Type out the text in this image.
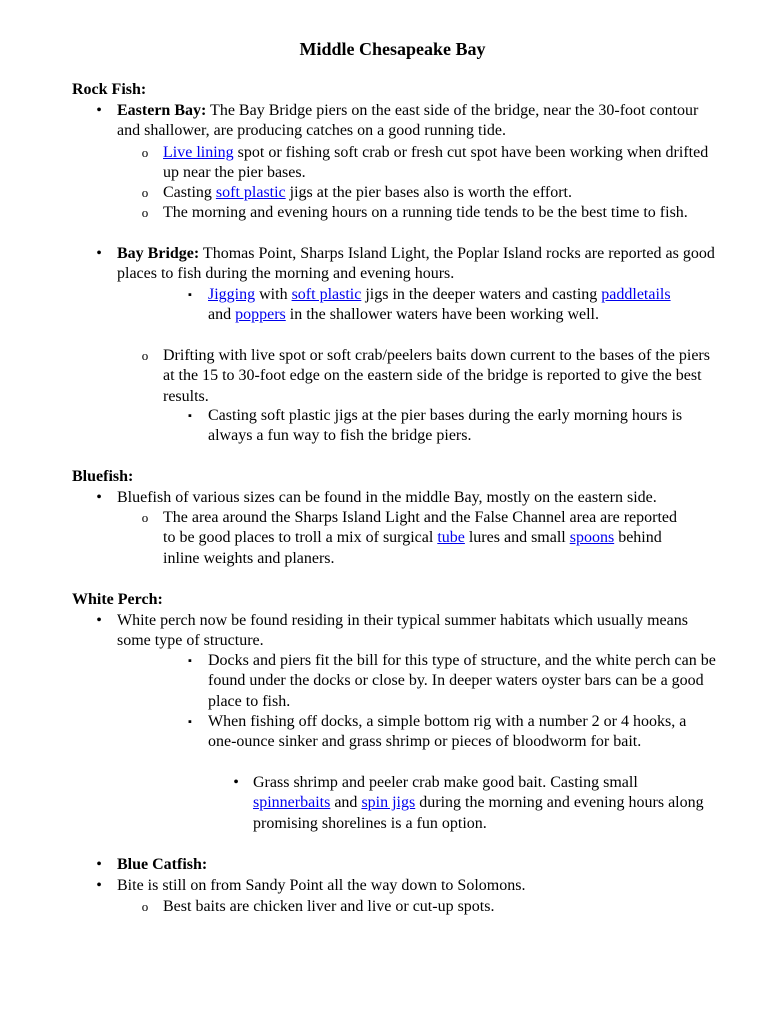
Middle Chesapeake Bay
Rock Fish:
• Eastern Bay: The Bay Bridge piers on the east side of the bridge, near the 30-foot contour and shallower, are producing catches on a good running tide.
o Live lining spot or fishing soft crab or fresh cut spot have been working when drifted up near the pier bases.
o Casting soft plastic jigs at the pier bases also is worth the effort.
o The morning and evening hours on a running tide tends to be the best time to fish.
• Bay Bridge: Thomas Point, Sharps Island Light, the Poplar Island rocks are reported as good places to fish during the morning and evening hours.
▪ Jigging with soft plastic jigs in the deeper waters and casting paddletails and poppers in the shallower waters have been working well.
o Drifting with live spot or soft crab/peelers baits down current to the bases of the piers at the 15 to 30-foot edge on the eastern side of the bridge is reported to give the best results.
▪ Casting soft plastic jigs at the pier bases during the early morning hours is always a fun way to fish the bridge piers.
Bluefish:
• Bluefish of various sizes can be found in the middle Bay, mostly on the eastern side.
o The area around the Sharps Island Light and the False Channel area are reported to be good places to troll a mix of surgical tube lures and small spoons behind inline weights and planers.
White Perch:
• White perch now be found residing in their typical summer habitats which usually means some type of structure.
▪ Docks and piers fit the bill for this type of structure, and the white perch can be found under the docks or close by. In deeper waters oyster bars can be a good place to fish.
▪ When fishing off docks, a simple bottom rig with a number 2 or 4 hooks, a one-ounce sinker and grass shrimp or pieces of bloodworm for bait.
• Grass shrimp and peeler crab make good bait. Casting small spinnerbaits and spin jigs during the morning and evening hours along promising shorelines is a fun option.
• Blue Catfish:
• Bite is still on from Sandy Point all the way down to Solomons.
o Best baits are chicken liver and live or cut-up spots.
